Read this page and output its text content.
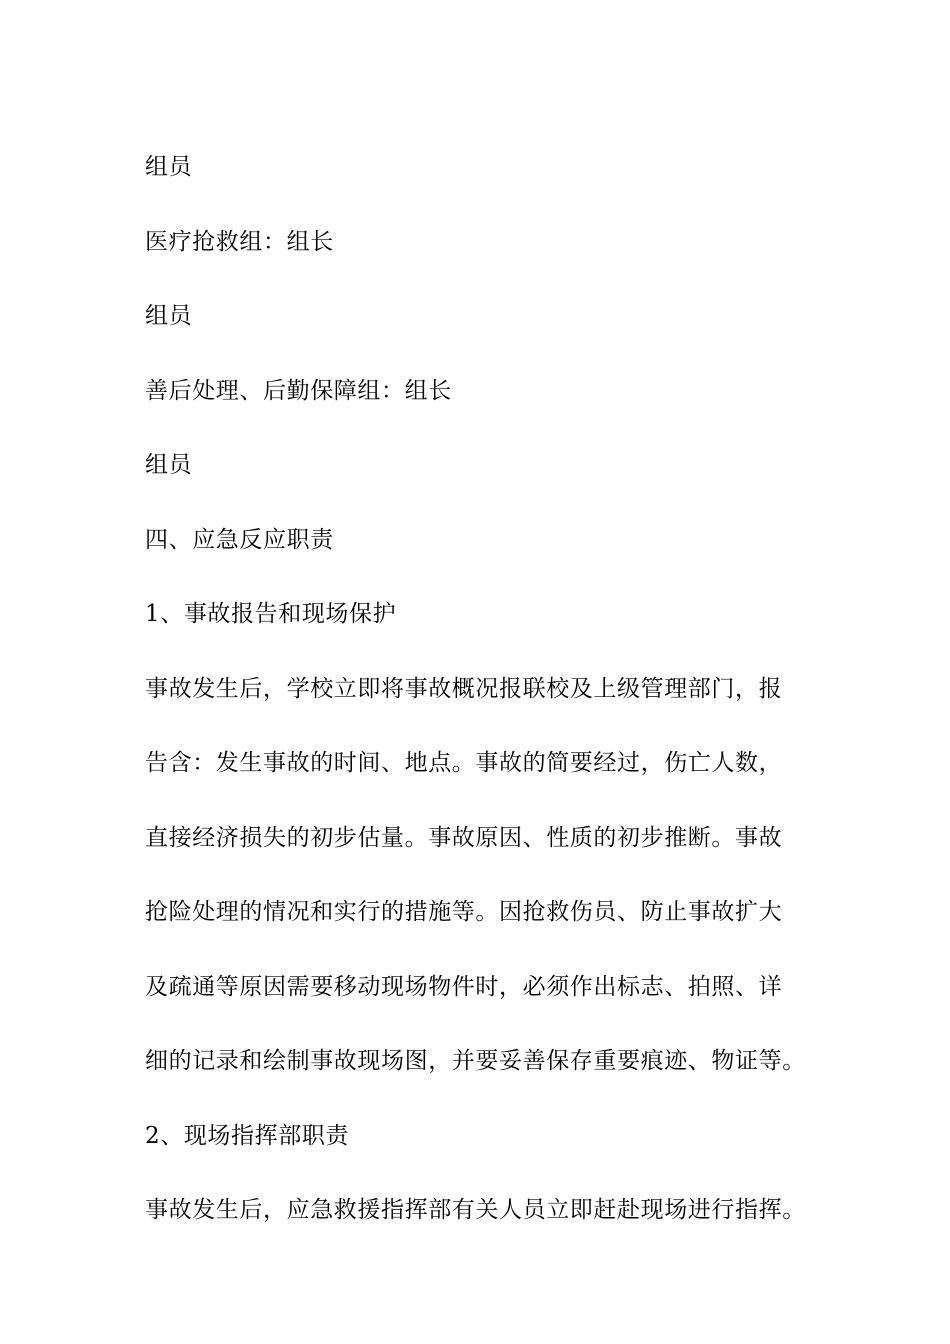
组员
医疗抢救组：组长
组员
善后处理、后勤保障组：组长
组员
四、应急反应职责
1、事故报告和现场保护
事故发生后，学校立即将事故概况报联校及上级管理部门，报
告含：发生事故的时间、地点。事故的简要经过，伤亡人数，
直接经济损失的初步估量。事故原因、性质的初步推断。事故
抢险处理的情况和实行的措施等。因抢救伤员、防止事故扩大
及疏通等原因需要移动现场物件时，必须作出标志、拍照、详
细的记录和绘制事故现场图，并要妥善保存重要痕迹、物证等。
2、现场指挥部职责
事故发生后，应急救援指挥部有关人员立即赶赴现场进行指挥。
